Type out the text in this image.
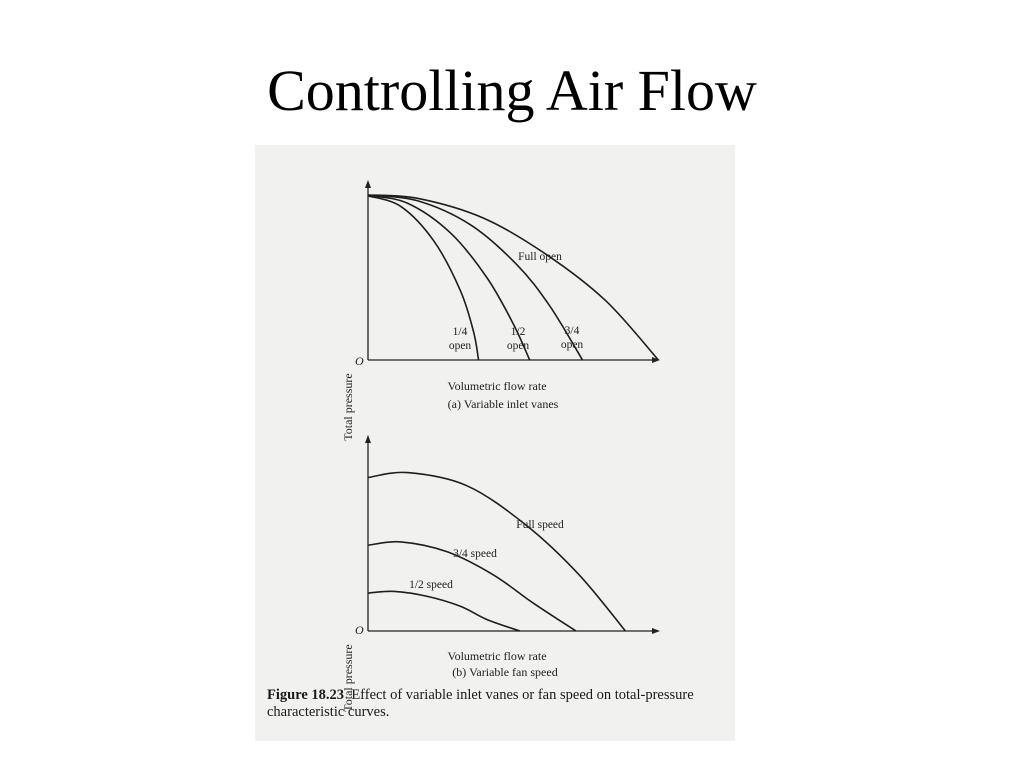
Controlling Air Flow
O
Total pressure	Volumetric flow rate
(a) Variable inlet vanes
1/4
open
1/2
open
3/4
open
Full open
O
Total pressure	Volumetric flow rate
(b) Variable fan speed
Full speed
3/4 speed
1/2 speed
Figure 18.23 Effect of variable inlet vanes or fan speed on total-pressure characteristic curves.
